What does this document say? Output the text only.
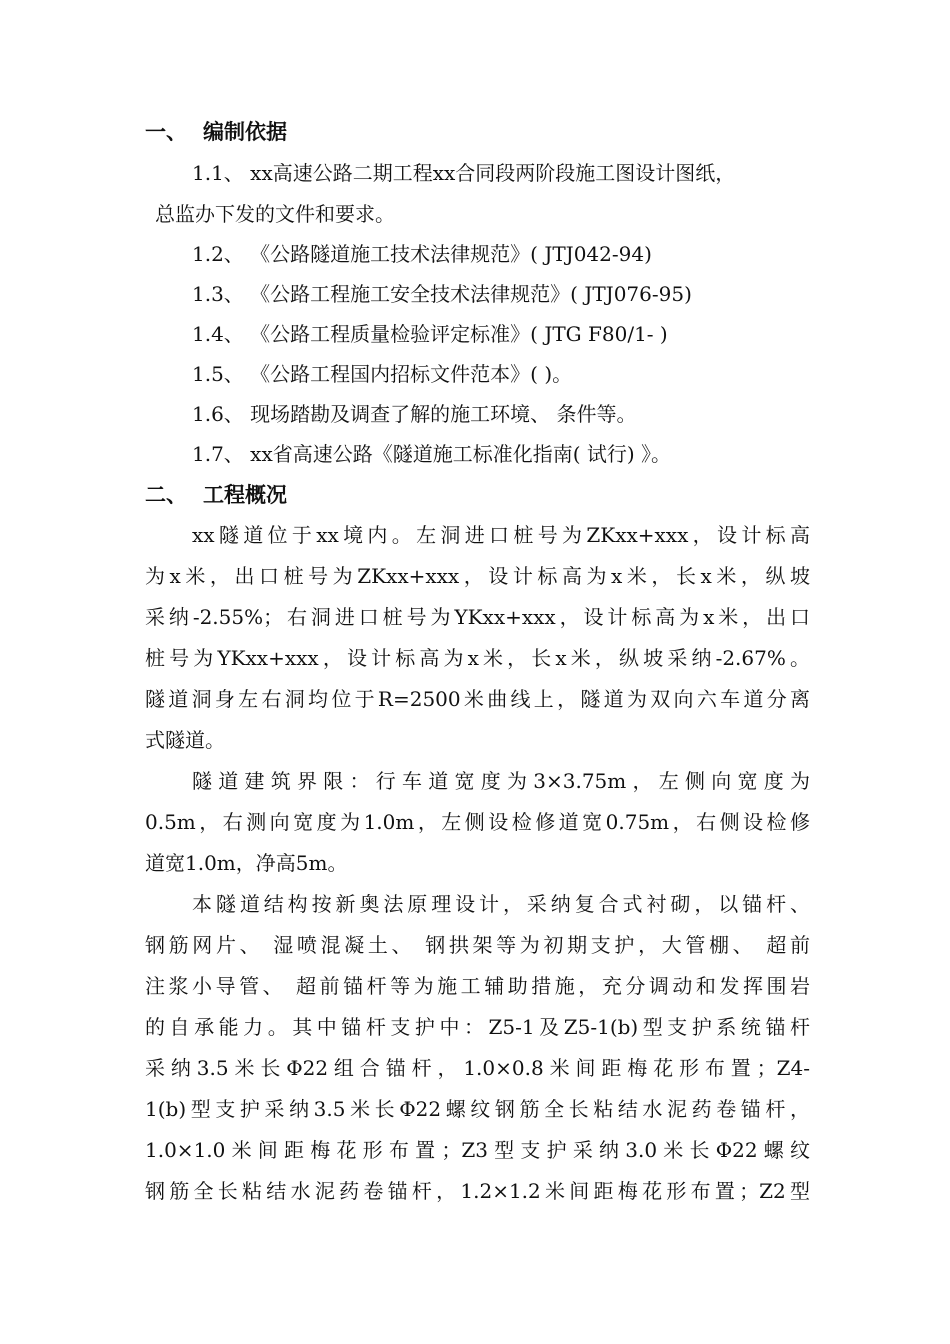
一、 编制依据
1.1、 xx高速公路二期工程xx合同段两阶段施工图设计图纸，
总监办下发的文件和要求。
1.2、 《公路隧道施工技术法律规范》( JTJ042-94)
1.3、 《公路工程施工安全技术法律规范》( JTJ076-95)
1.4、 《公路工程质量检验评定标准》( JTG F80/1- )
1.5、 《公路工程国内招标文件范本》( )。
1.6、 现场踏勘及调查了解的施工环境、 条件等。
1.7、 xx省高速公路《隧道施工标准化指南( 试行) 》。
二、 工程概况
xx隧道位于xx境内。左洞进口桩号为ZKxx+xxx，设计标高
为x米，出口桩号为ZKxx+xxx，设计标高为x米，长x米，纵坡
采纳-2.55%；右洞进口桩号为YKxx+xxx，设计标高为x米，出口
桩号为YKxx+xxx，设计标高为x米，长x米，纵坡采纳-2.67%。
隧道洞身左右洞均位于R=2500米曲线上，隧道为双向六车道分离
式隧道。
隧道建筑界限：行车道宽度为3×3.75m，左侧向宽度为
0.5m，右测向宽度为1.0m，左侧设检修道宽0.75m，右侧设检修
道宽1.0m，净高5m。
本隧道结构按新奥法原理设计，采纳复合式衬砌，以锚杆、
钢筋网片、 湿喷混凝土、 钢拱架等为初期支护，大管棚、 超前
注浆小导管、 超前锚杆等为施工辅助措施，充分调动和发挥围岩
的自承能力。其中锚杆支护中：Z5-1及Z5-1(b)型支护系统锚杆
采纳3.5米长Φ22组合锚杆，1.0×0.8米间距梅花形布置；Z4-
1(b)型支护采纳3.5米长Φ22螺纹钢筋全长粘结水泥药卷锚杆，
1.0×1.0米间距梅花形布置；Z3型支护采纳3.0米长Φ22螺纹
钢筋全长粘结水泥药卷锚杆，1.2×1.2米间距梅花形布置；Z2型
